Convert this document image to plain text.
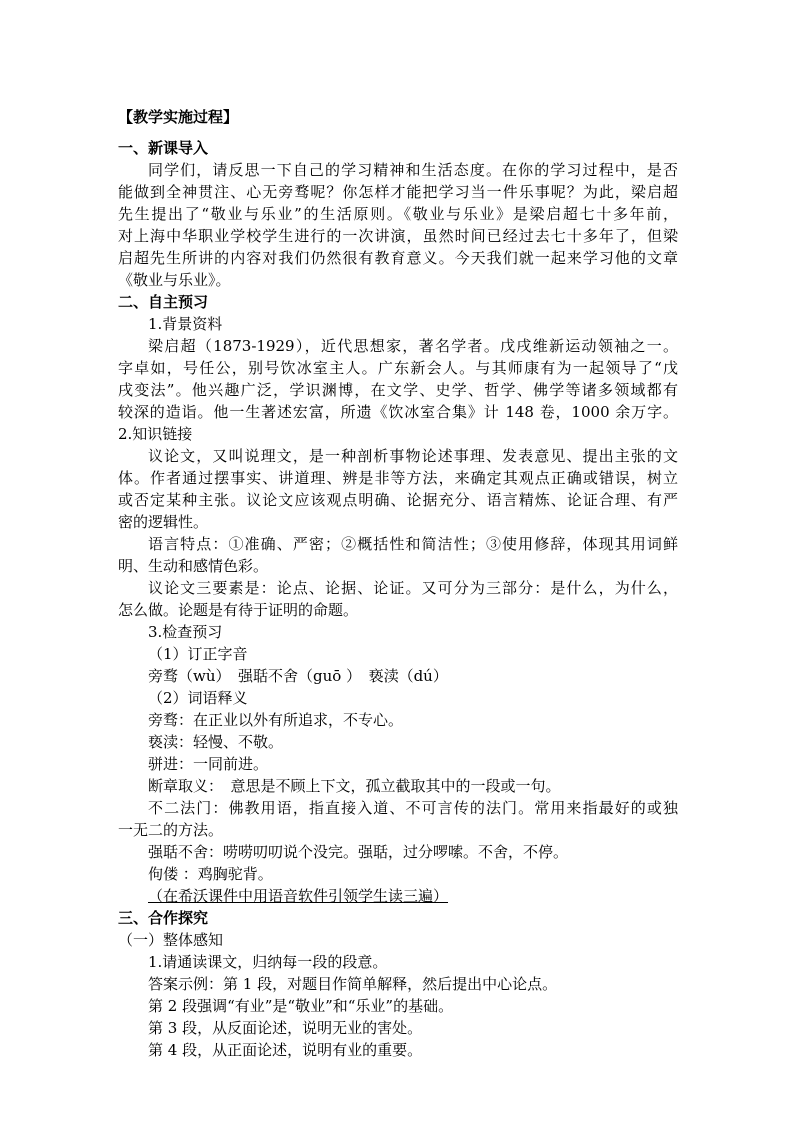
【教学实施过程】
一、新课导入
同学们，请反思一下自己的学习精神和生活态度。在你的学习过程中，是否
能做到全神贯注、心无旁骛呢？你怎样才能把学习当一件乐事呢？为此，梁启超
先生提出了“敬业与乐业”的生活原则。《敬业与乐业》是梁启超七十多年前，
对上海中华职业学校学生进行的一次讲演，虽然时间已经过去七十多年了，但梁
启超先生所讲的内容对我们仍然很有教育意义。今天我们就一起来学习他的文章
《敬业与乐业》。
二、自主预习
1.背景资料
梁启超（1873-1929），近代思想家，著名学者。戊戌维新运动领袖之一。
字卓如，号任公，别号饮冰室主人。广东新会人。与其师康有为一起领导了“戊
戌变法”。他兴趣广泛，学识渊博，在文学、史学、哲学、佛学等诸多领域都有
较深的造诣。他一生著述宏富，所遗《饮冰室合集》计 148 卷，1000 余万字。
2.知识链接
议论文，又叫说理文，是一种剖析事物论述事理、发表意见、提出主张的文
体。作者通过摆事实、讲道理、辨是非等方法，来确定其观点正确或错误，树立
或否定某种主张。议论文应该观点明确、论据充分、语言精炼、论证合理、有严
密的逻辑性。
语言特点：①准确、严密；②概括性和简洁性；③使用修辞，体现其用词鲜
明、生动和感情色彩。
议论文三要素是：论点、论据、论证。又可分为三部分：是什么，为什么，
怎么做。论题是有待于证明的命题。
3.检查预习
（1）订正字音
旁骛（wù）　强聒不舍（guō ）　亵渎（dú）
（2）词语释义
旁骛：在正业以外有所追求，不专心。
亵渎：轻慢、不敬。
骈进：一同前进。
断章取义：　意思是不顾上下文，孤立截取其中的一段或一句。
不二法门：佛教用语，指直接入道、不可言传的法门。常用来指最好的或独
一无二的方法。
强聒不舍：唠唠叨叨说个没完。强聒，过分啰嗦。不舍，不停。
佝偻 ：鸡胸驼背。
（在希沃课件中用语音软件引领学生读三遍）
三、合作探究
（一）整体感知
1.请通读课文，归纳每一段的段意。
答案示例：第 1 段，对题目作简单解释，然后提出中心论点。
第 2 段强调“有业”是“敬业”和“乐业”的基础。
第 3 段，从反面论述，说明无业的害处。
第 4 段，从正面论述，说明有业的重要。
